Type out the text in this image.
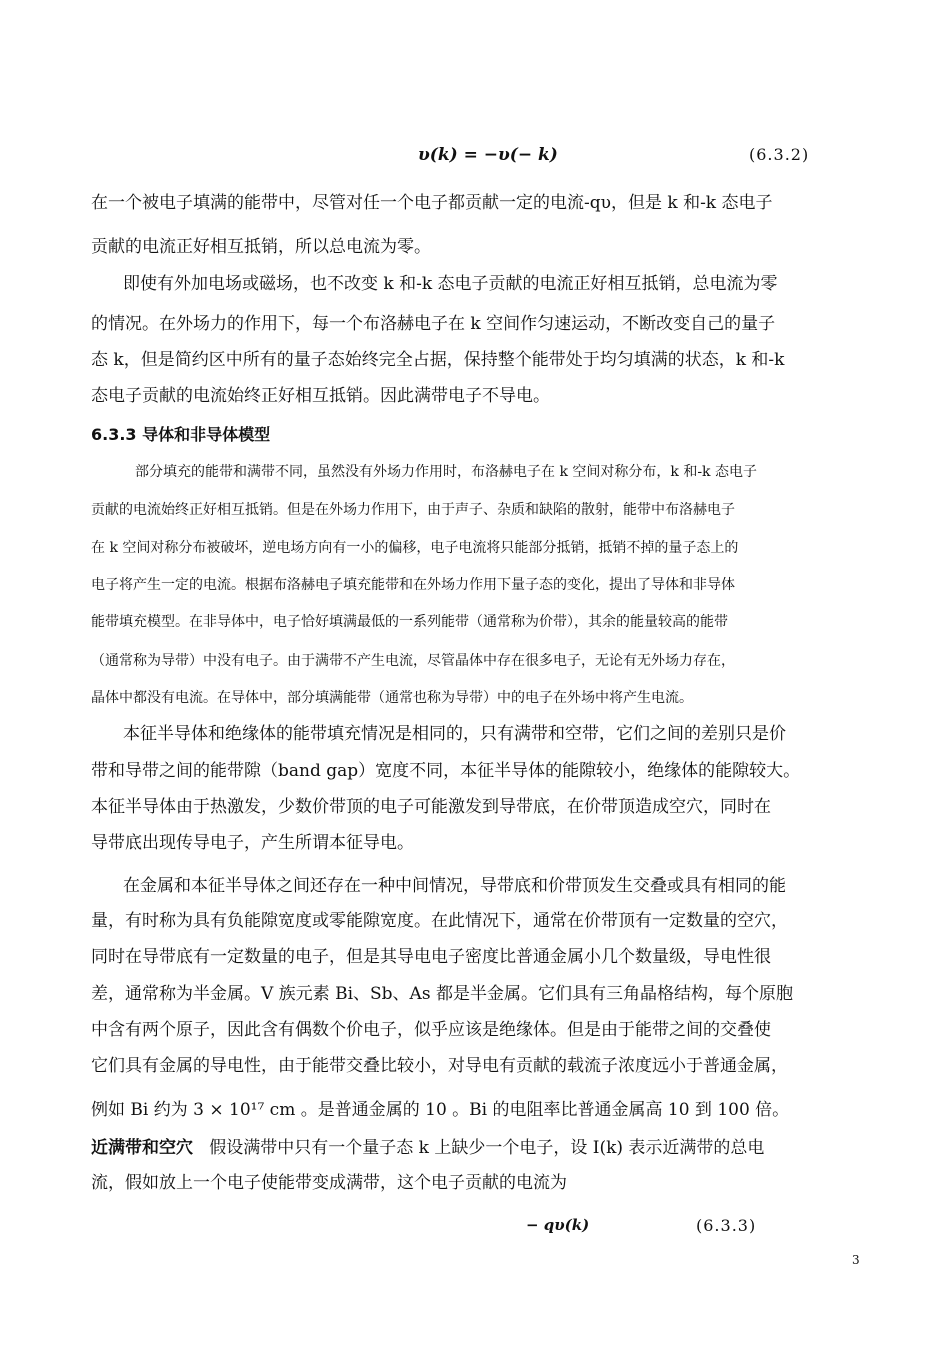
υ(k) = −υ(− k)	(6.3.2)
在一个被电子填满的能带中，尽管对任一个电子都贡献一定的电流-qυ，但是 k 和-k 态电子
贡献的电流正好相互抵销，所以总电流为零。
即使有外加电场或磁场，也不改变 k 和-k 态电子贡献的电流正好相互抵销，总电流为零
的情况。在外场力的作用下，每一个布洛赫电子在 k 空间作匀速运动，不断改变自己的量子
态 k，但是简约区中所有的量子态始终完全占据，保持整个能带处于均匀填满的状态，k 和-k
态电子贡献的电流始终正好相互抵销。因此满带电子不导电。
6.3.3 导体和非导体模型
部分填充的能带和满带不同，虽然没有外场力作用时，布洛赫电子在 k 空间对称分布，k 和-k 态电子
贡献的电流始终正好相互抵销。但是在外场力作用下，由于声子、杂质和缺陷的散射，能带中布洛赫电子
在 k 空间对称分布被破坏，逆电场方向有一小的偏移，电子电流将只能部分抵销，抵销不掉的量子态上的
电子将产生一定的电流。根据布洛赫电子填充能带和在外场力作用下量子态的变化，提出了导体和非导体
能带填充模型。在非导体中，电子恰好填满最低的一系列能带（通常称为价带），其余的能量较高的能带
（通常称为导带）中没有电子。由于满带不产生电流，尽管晶体中存在很多电子，无论有无外场力存在，
晶体中都没有电流。在导体中，部分填满能带（通常也称为导带）中的电子在外场中将产生电流。
本征半导体和绝缘体的能带填充情况是相同的，只有满带和空带，它们之间的差别只是价
带和导带之间的能带隙（band gap）宽度不同，本征半导体的能隙较小，绝缘体的能隙较大。
本征半导体由于热激发，少数价带顶的电子可能激发到导带底，在价带顶造成空穴，同时在
导带底出现传导电子，产生所谓本征导电。
在金属和本征半导体之间还存在一种中间情况，导带底和价带顶发生交叠或具有相同的能
量，有时称为具有负能隙宽度或零能隙宽度。在此情况下，通常在价带顶有一定数量的空穴，
同时在导带底有一定数量的电子，但是其导电电子密度比普通金属小几个数量级，导电性很
差，通常称为半金属。V 族元素 Bi、Sb、As 都是半金属。它们具有三角晶格结构，每个原胞
中含有两个原子，因此含有偶数个价电子，似乎应该是绝缘体。但是由于能带之间的交叠使
它们具有金属的导电性，由于能带交叠比较小，对导电有贡献的载流子浓度远小于普通金属，
例如 Bi 约为 3 × 10¹⁷ cm 。是普通金属的 10 。Bi 的电阻率比普通金属高 10 到 100 倍。
近满带和空穴 假设满带中只有一个量子态 k 上缺少一个电子，设 I(k) 表示近满带的总电
流，假如放上一个电子使能带变成满带，这个电子贡献的电流为
− qυ(k)	(6.3.3)
3
